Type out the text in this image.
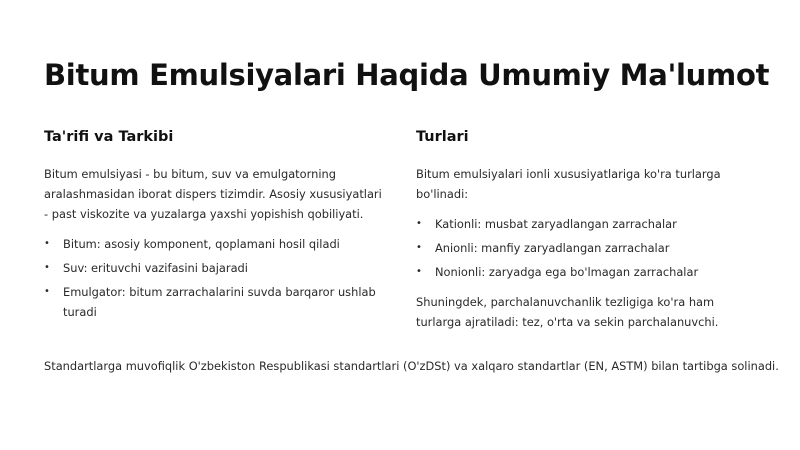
Bitum Emulsiyalari Haqida Umumiy Ma'lumot
Ta'rifi va Tarkibi

Bitum emulsiyasi - bu bitum, suv va emulgatorning aralashmasidan iborat dispers tizimdir. Asosiy xususiyatlari - past viskozite va yuzalarga yaxshi yopishish qobiliyati.

• Bitum: asosiy komponent, qoplamani hosil qiladi
• Suv: erituvchi vazifasini bajaradi
• Emulgator: bitum zarrachalarini suvda barqaror ushlab turadi
Turlari

Bitum emulsiyalari ionli xususiyatlariga ko'ra turlarga bo'linadi:

• Kationli: musbat zaryadlangan zarrachalar
• Anionli: manfiy zaryadlangan zarrachalar
• Nonionli: zaryadga ega bo'lmagan zarrachalar

Shuningdek, parchalanuvchanlik tezligiga ko'ra ham turlarga ajratiladi: tez, o'rta va sekin parchalanuvchi.

Standartlarga muvofiqlik O'zbekiston Respublikasi standartlari (O'zDSt) va xalqaro standartlar (EN, ASTM) bilan tartibga solinadi.
